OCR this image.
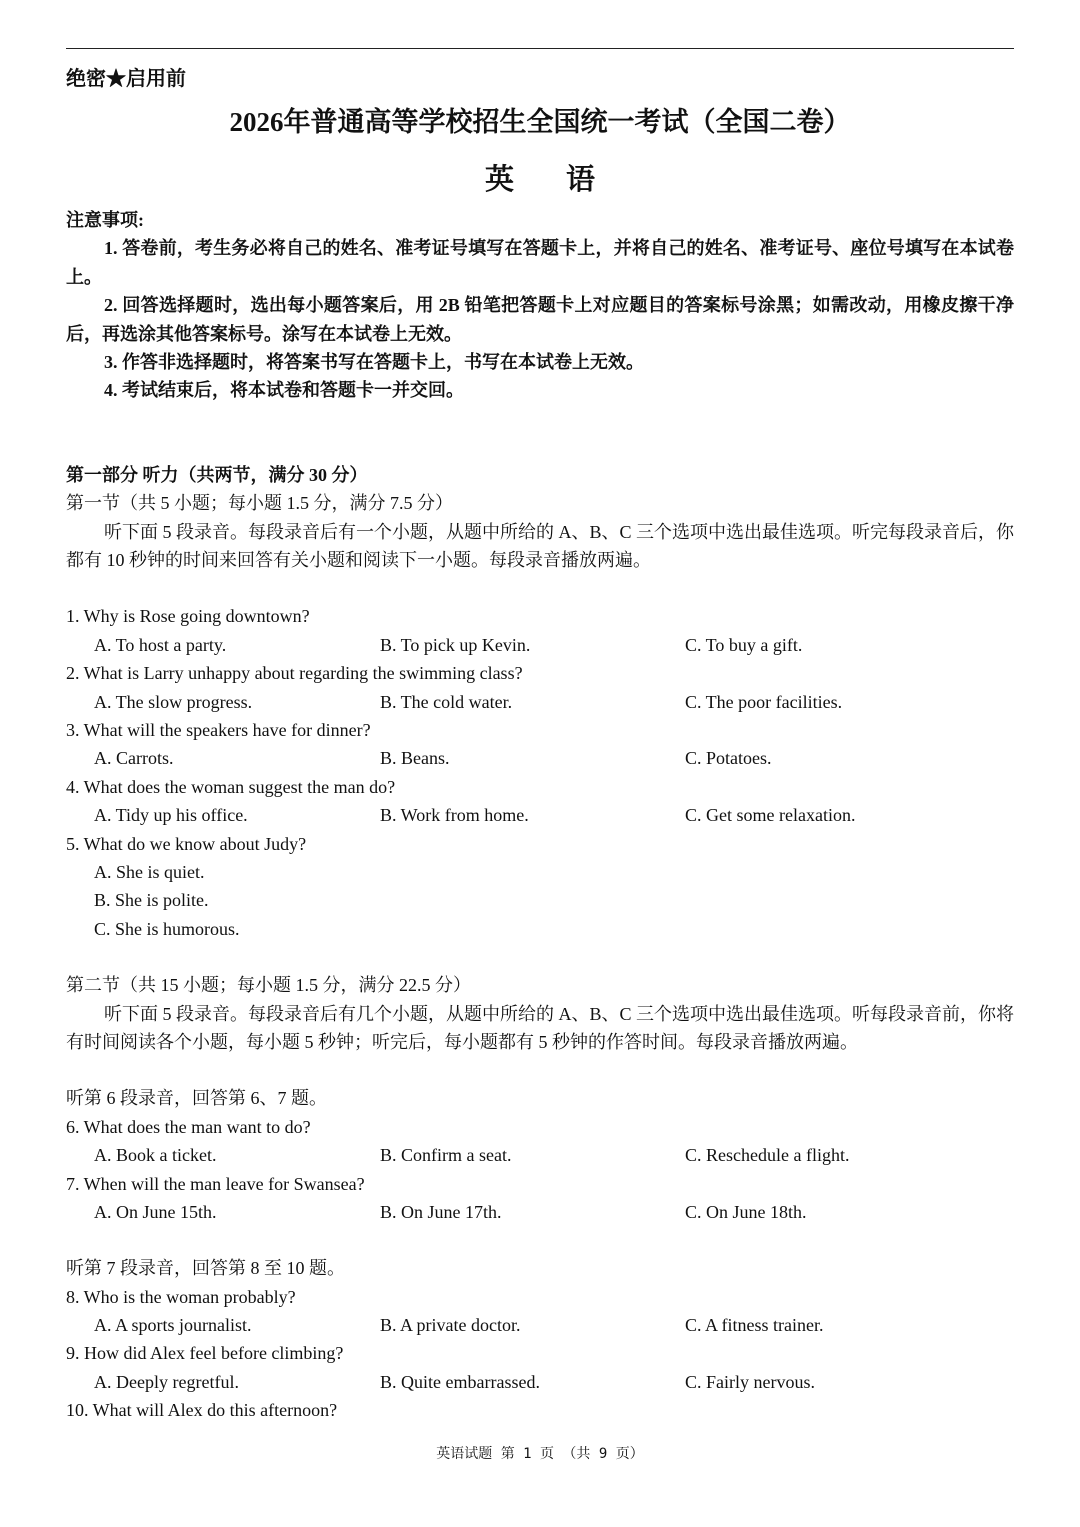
绝密★启用前
2026年普通高等学校招生全国统一考试（全国二卷）
英语
注意事项:
1. 答卷前，考生务必将自己的姓名、准考证号填写在答题卡上，并将自己的姓名、准考证号、座位号填写在本试卷上。
2. 回答选择题时，选出每小题答案后，用 2B 铅笔把答题卡上对应题目的答案标号涂黑；如需改动，用橡皮擦干净后，再选涂其他答案标号。涂写在本试卷上无效。
3. 作答非选择题时，将答案书写在答题卡上，书写在本试卷上无效。
4. 考试结束后，将本试卷和答题卡一并交回。
第一部分 听力（共两节，满分 30 分）
第一节（共 5 小题；每小题 1.5 分，满分 7.5 分）
听下面 5 段录音。每段录音后有一个小题，从题中所给的 A、B、C 三个选项中选出最佳选项。听完每段录音后，你都有 10 秒钟的时间来回答有关小题和阅读下一小题。每段录音播放两遍。
1. Why is Rose going downtown?
A. To host a party.	B. To pick up Kevin.	C. To buy a gift.
2. What is Larry unhappy about regarding the swimming class?
A. The slow progress.	B. The cold water.	C. The poor facilities.
3. What will the speakers have for dinner?
A. Carrots.	B. Beans.	C. Potatoes.
4. What does the woman suggest the man do?
A. Tidy up his office.	B. Work from home.	C. Get some relaxation.
5. What do we know about Judy?
A. She is quiet.
B. She is polite.
C. She is humorous.
第二节（共 15 小题；每小题 1.5 分，满分 22.5 分）
听下面 5 段录音。每段录音后有几个小题，从题中所给的 A、B、C 三个选项中选出最佳选项。听每段录音前，你将有时间阅读各个小题，每小题 5 秒钟；听完后，每小题都有 5 秒钟的作答时间。每段录音播放两遍。
听第 6 段录音，回答第 6、7 题。
6. What does the man want to do?
A. Book a ticket.	B. Confirm a seat.	C. Reschedule a flight.
7. When will the man leave for Swansea?
A. On June 15th.	B. On June 17th.	C. On June 18th.
听第 7 段录音，回答第 8 至 10 题。
8. Who is the woman probably?
A. A sports journalist.	B. A private doctor.	C. A fitness trainer.
9. How did Alex feel before climbing?
A. Deeply regretful.	B. Quite embarrassed.	C. Fairly nervous.
10. What will Alex do this afternoon?
英语试题 第 1 页 （共 9 页）
